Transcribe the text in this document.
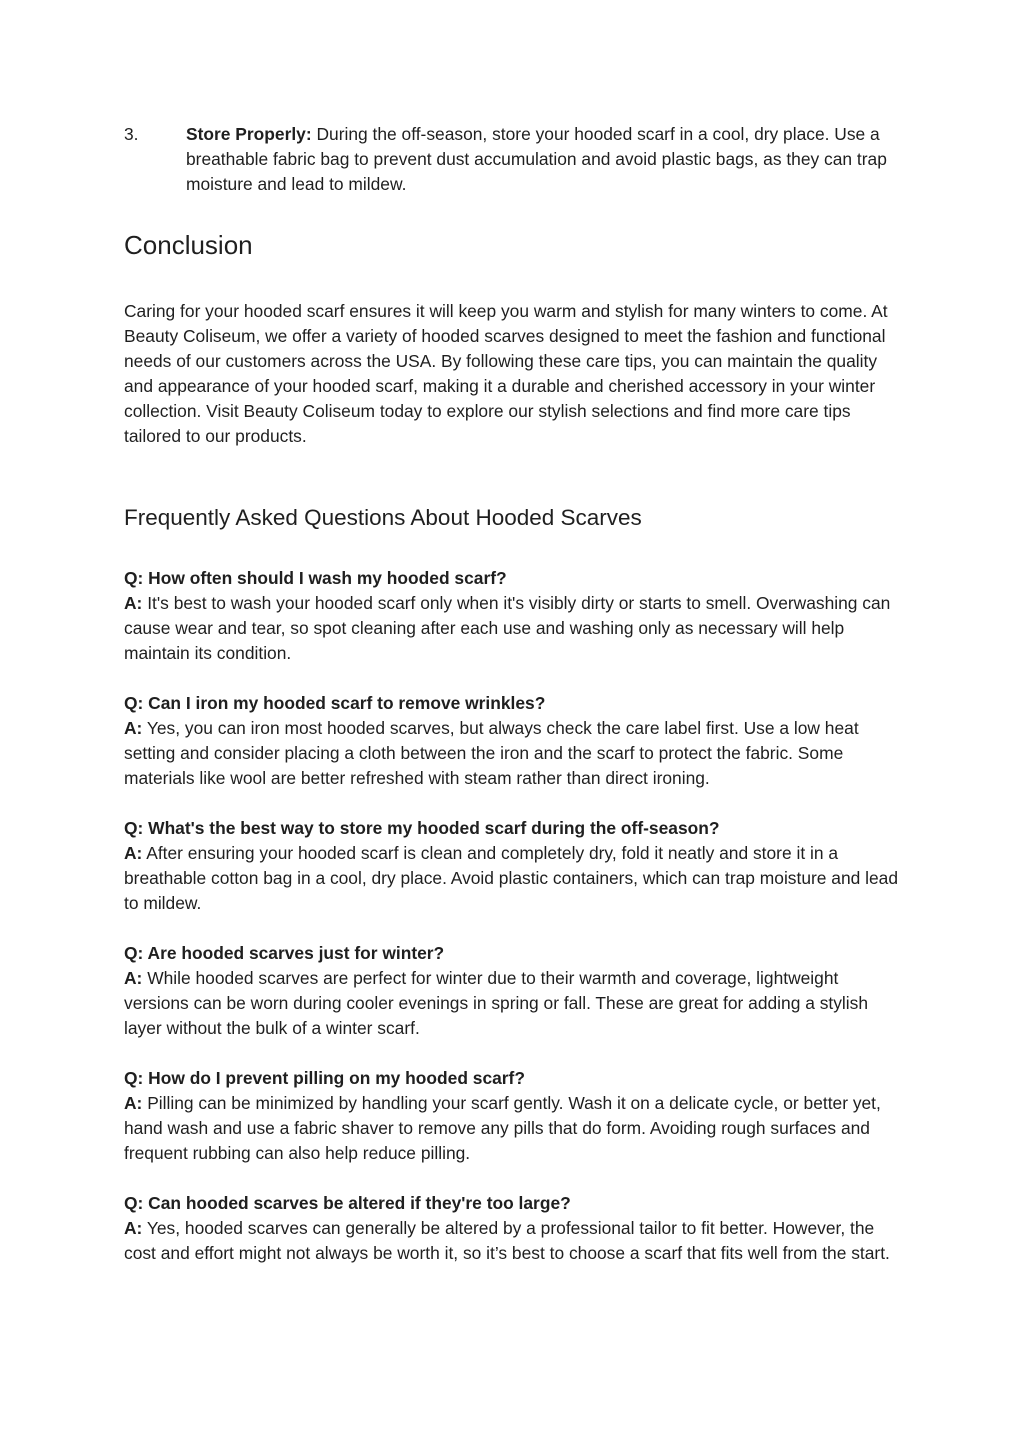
3.	Store Properly: During the off-season, store your hooded scarf in a cool, dry place. Use a breathable fabric bag to prevent dust accumulation and avoid plastic bags, as they can trap moisture and lead to mildew.
Conclusion

Caring for your hooded scarf ensures it will keep you warm and stylish for many winters to come. At Beauty Coliseum, we offer a variety of hooded scarves designed to meet the fashion and functional needs of our customers across the USA. By following these care tips, you can maintain the quality and appearance of your hooded scarf, making it a durable and cherished accessory in your winter collection. Visit Beauty Coliseum today to explore our stylish selections and find more care tips tailored to our products.

Frequently Asked Questions About Hooded Scarves

Q: How often should I wash my hooded scarf?

A: It's best to wash your hooded scarf only when it's visibly dirty or starts to smell. Overwashing can cause wear and tear, so spot cleaning after each use and washing only as necessary will help maintain its condition.

Q: Can I iron my hooded scarf to remove wrinkles?

A: Yes, you can iron most hooded scarves, but always check the care label first. Use a low heat setting and consider placing a cloth between the iron and the scarf to protect the fabric. Some materials like wool are better refreshed with steam rather than direct ironing.

Q: What's the best way to store my hooded scarf during the off-season?

A: After ensuring your hooded scarf is clean and completely dry, fold it neatly and store it in a breathable cotton bag in a cool, dry place. Avoid plastic containers, which can trap moisture and lead to mildew.

Q: Are hooded scarves just for winter?

A: While hooded scarves are perfect for winter due to their warmth and coverage, lightweight versions can be worn during cooler evenings in spring or fall. These are great for adding a stylish layer without the bulk of a winter scarf.

Q: How do I prevent pilling on my hooded scarf?

A: Pilling can be minimized by handling your scarf gently. Wash it on a delicate cycle, or better yet, hand wash and use a fabric shaver to remove any pills that do form. Avoiding rough surfaces and frequent rubbing can also help reduce pilling.

Q: Can hooded scarves be altered if they're too large?

A: Yes, hooded scarves can generally be altered by a professional tailor to fit better. However, the cost and effort might not always be worth it, so it’s best to choose a scarf that fits well from the start.
